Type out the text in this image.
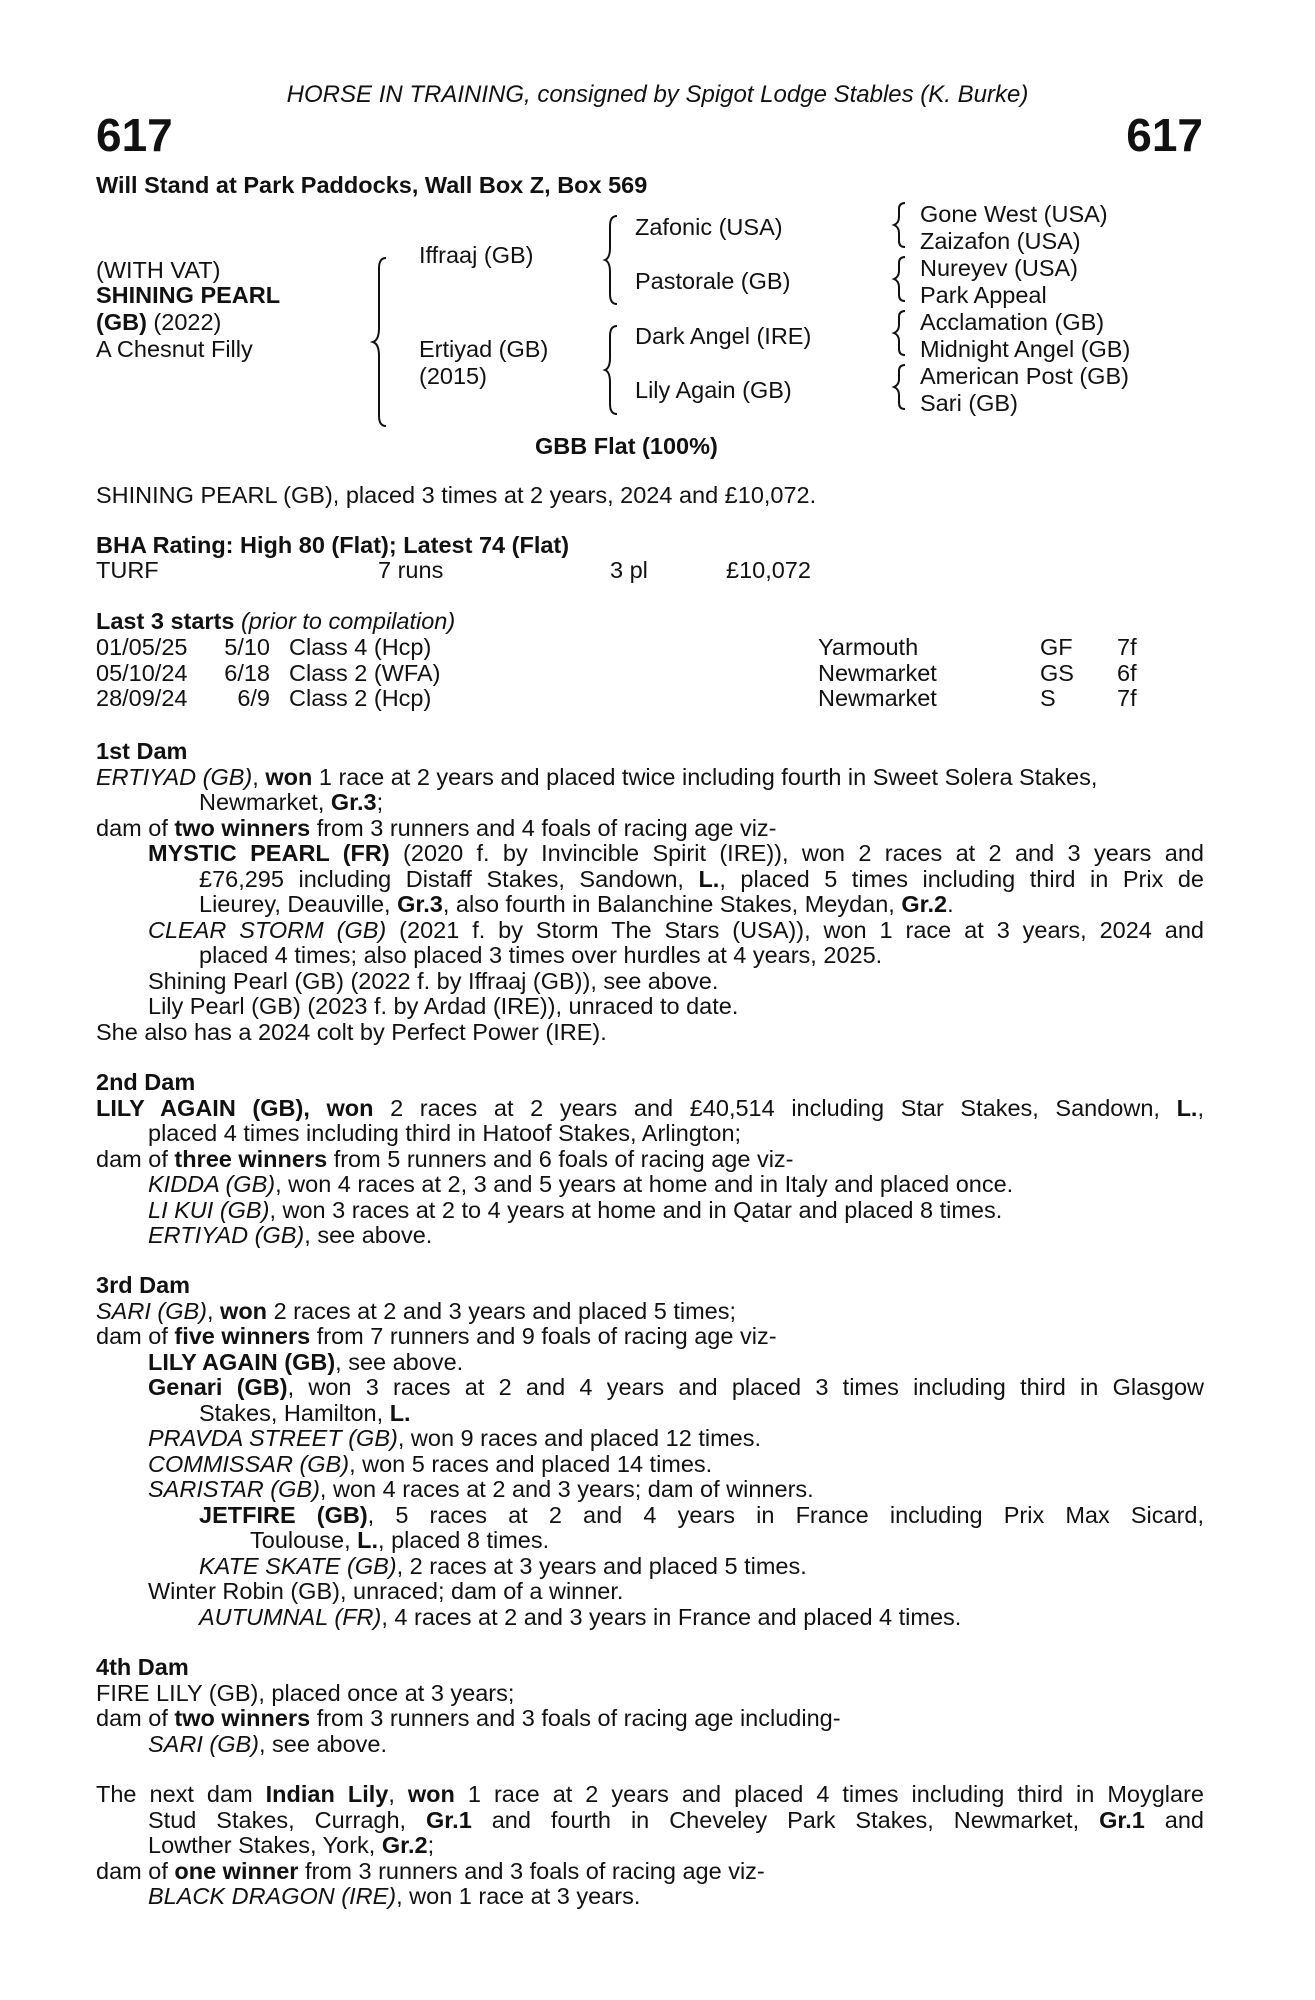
HORSE IN TRAINING, consigned by Spigot Lodge Stables (K. Burke)
617	617
Will Stand at Park Paddocks, Wall Box Z, Box 569
(WITH VAT)
SHINING PEARL
(GB) (2022)
A Chesnut Filly
Iffraaj (GB)
Ertiyad (GB)
(2015)
Zafonic (USA)
Pastorale (GB)
Dark Angel (IRE)
Lily Again (GB)
Gone West (USA)
Zaizafon (USA)
Nureyev (USA)
Park Appeal
Acclamation (GB)
Midnight Angel (GB)
American Post (GB)
Sari (GB)
GBB Flat (100%)
SHINING PEARL (GB), placed 3 times at 2 years, 2024 and £10,072.
BHA Rating: High 80 (Flat); Latest 74 (Flat)
TURF	7 runs	3 pl	£10,072
Last 3 starts (prior to compilation)
01/05/25 5/10 Class 4 (Hcp)	Yarmouth	GF 7f
05/10/24 6/18 Class 2 (WFA)	Newmarket	GS 6f
28/09/24 6/9 Class 2 (Hcp)	Newmarket	S	7f
1st Dam
ERTIYAD (GB), won 1 race at 2 years and placed twice including fourth in Sweet Solera Stakes,
Newmarket, Gr.3;
dam of two winners from 3 runners and 4 foals of racing age viz-
MYSTIC PEARL (FR) (2020 f. by Invincible Spirit (IRE)), won 2 races at 2 and 3 years and
£76,295 including Distaff Stakes, Sandown, L., placed 5 times including third in Prix de
Lieurey, Deauville, Gr.3, also fourth in Balanchine Stakes, Meydan, Gr.2.
CLEAR STORM (GB) (2021 f. by Storm The Stars (USA)), won 1 race at 3 years, 2024 and
placed 4 times; also placed 3 times over hurdles at 4 years, 2025.
Shining Pearl (GB) (2022 f. by Iffraaj (GB)), see above.
Lily Pearl (GB) (2023 f. by Ardad (IRE)), unraced to date.
She also has a 2024 colt by Perfect Power (IRE).
2nd Dam
LILY AGAIN (GB), won 2 races at 2 years and £40,514 including Star Stakes, Sandown, L.,
placed 4 times including third in Hatoof Stakes, Arlington;
dam of three winners from 5 runners and 6 foals of racing age viz-
KIDDA (GB), won 4 races at 2, 3 and 5 years at home and in Italy and placed once.
LI KUI (GB), won 3 races at 2 to 4 years at home and in Qatar and placed 8 times.
ERTIYAD (GB), see above.
3rd Dam
SARI (GB), won 2 races at 2 and 3 years and placed 5 times;
dam of five winners from 7 runners and 9 foals of racing age viz-
LILY AGAIN (GB), see above.
Genari (GB), won 3 races at 2 and 4 years and placed 3 times including third in Glasgow
Stakes, Hamilton, L.
PRAVDA STREET (GB), won 9 races and placed 12 times.
COMMISSAR (GB), won 5 races and placed 14 times.
SARISTAR (GB), won 4 races at 2 and 3 years; dam of winners.
JETFIRE (GB), 5 races at 2 and 4 years in France including Prix Max Sicard,
Toulouse, L., placed 8 times.
KATE SKATE (GB), 2 races at 3 years and placed 5 times.
Winter Robin (GB), unraced; dam of a winner.
AUTUMNAL (FR), 4 races at 2 and 3 years in France and placed 4 times.
4th Dam
FIRE LILY (GB), placed once at 3 years;
dam of two winners from 3 runners and 3 foals of racing age including-
SARI (GB), see above.
The next dam Indian Lily, won 1 race at 2 years and placed 4 times including third in Moyglare
Stud Stakes, Curragh, Gr.1 and fourth in Cheveley Park Stakes, Newmarket, Gr.1 and
Lowther Stakes, York, Gr.2;
dam of one winner from 3 runners and 3 foals of racing age viz-
BLACK DRAGON (IRE), won 1 race at 3 years.
